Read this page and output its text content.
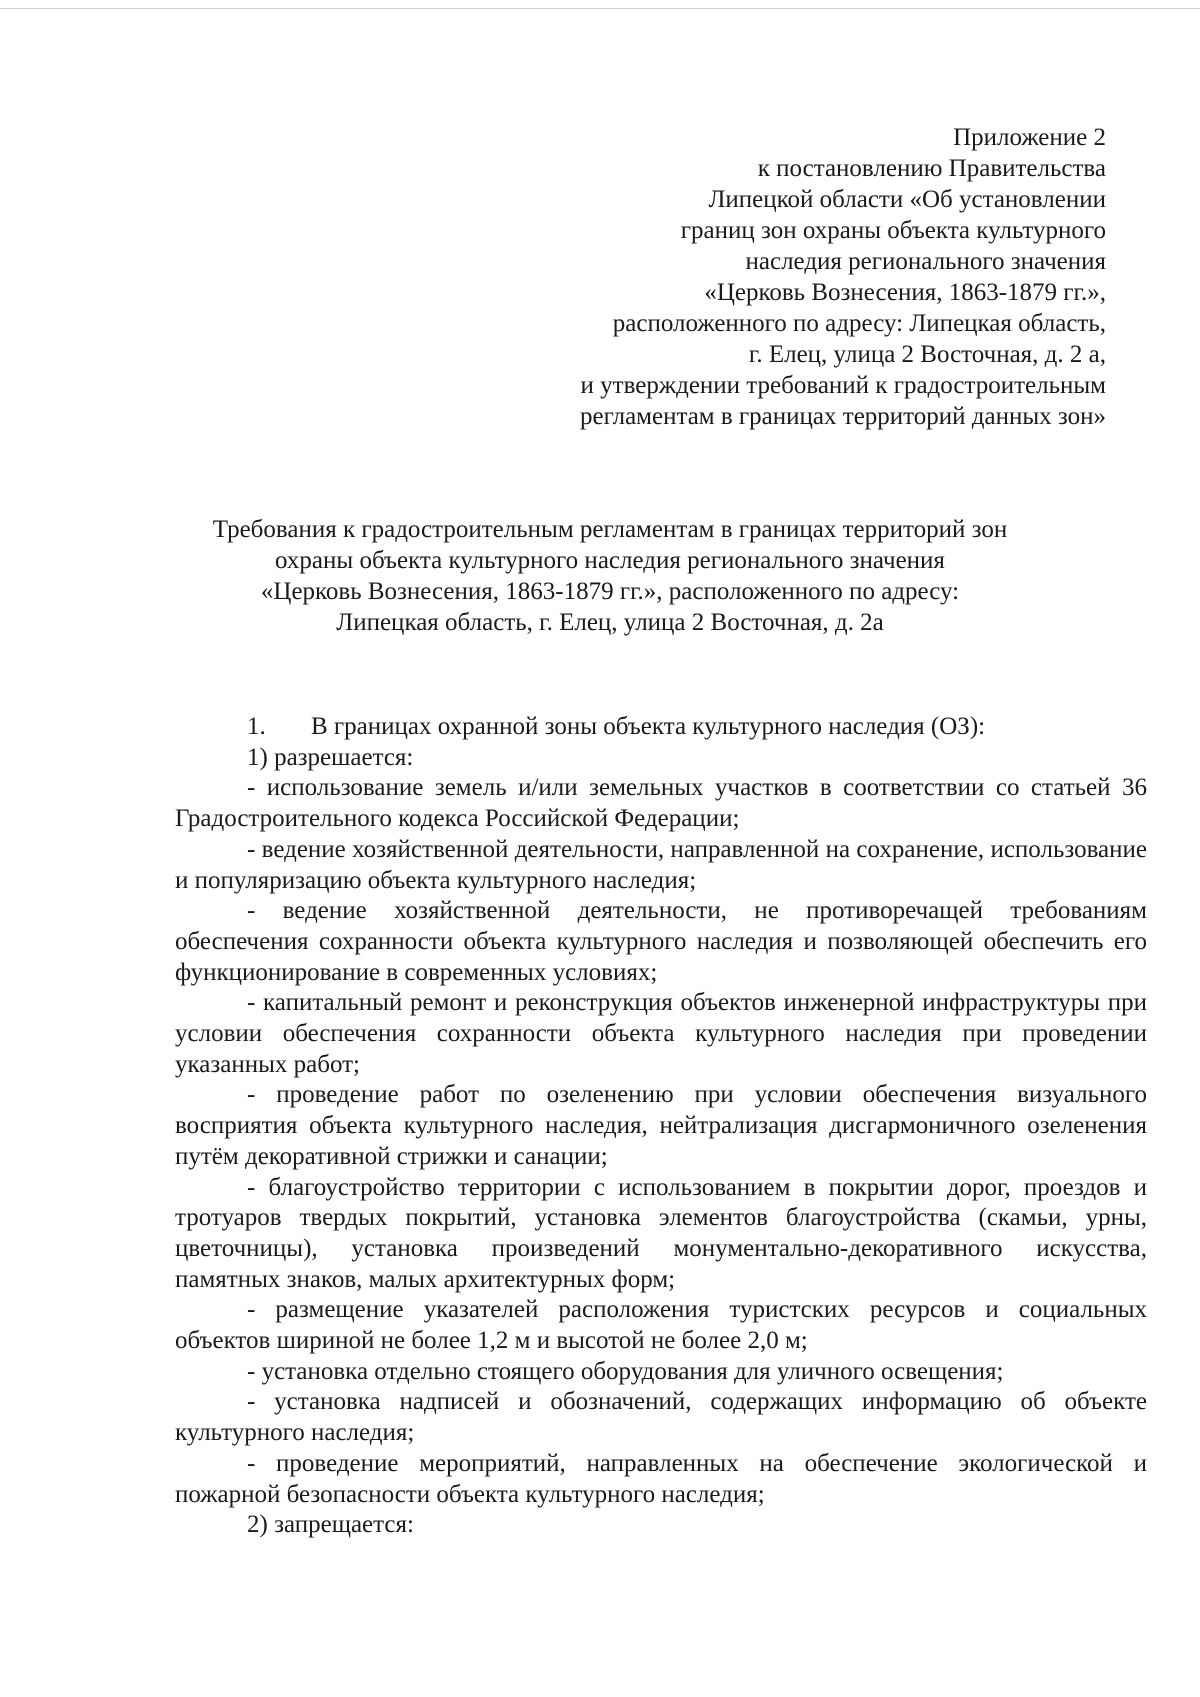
Приложение 2
к постановлению Правительства
Липецкой области «Об установлении
границ зон охраны объекта культурного
наследия регионального значения
«Церковь Вознесения, 1863-1879 гг.»,
расположенного по адресу: Липецкая область,
г. Елец, улица 2 Восточная, д. 2 а,
и утверждении требований к градостроительным
регламентам в границах территорий данных зон»
Требования к градостроительным регламентам в границах территорий зон
охраны объекта культурного наследия регионального значения
«Церковь Вознесения, 1863-1879 гг.», расположенного по адресу:
Липецкая область, г. Елец, улица 2 Восточная, д. 2а

1. В границах охранной зоны объекта культурного наследия (ОЗ):

1) разрешается:

- использование земель и/или земельных участков в соответствии со статьей 36 Градостроительного кодекса Российской Федерации;

- ведение хозяйственной деятельности, направленной на сохранение, использование и популяризацию объекта культурного наследия;

- ведение хозяйственной деятельности, не противоречащей требованиям обеспечения сохранности объекта культурного наследия и позволяющей обеспечить его функционирование в современных условиях;

- капитальный ремонт и реконструкция объектов инженерной инфраструктуры при условии обеспечения сохранности объекта культурного наследия при проведении указанных работ;

- проведение работ по озеленению при условии обеспечения визуального восприятия объекта культурного наследия, нейтрализация дисгармоничного озеленения путём декоративной стрижки и санации;

- благоустройство территории с использованием в покрытии дорог, проездов и тротуаров твердых покрытий, установка элементов благоустройства (скамьи, урны, цветочницы), установка произведений монументально-декоративного искусства, памятных знаков, малых архитектурных форм;

- размещение указателей расположения туристских ресурсов и социальных объектов шириной не более 1,2 м и высотой не более 2,0 м;

- установка отдельно стоящего оборудования для уличного освещения;

- установка надписей и обозначений, содержащих информацию об объекте культурного наследия;

- проведение мероприятий, направленных на обеспечение экологической и пожарной безопасности объекта культурного наследия;

2) запрещается:
